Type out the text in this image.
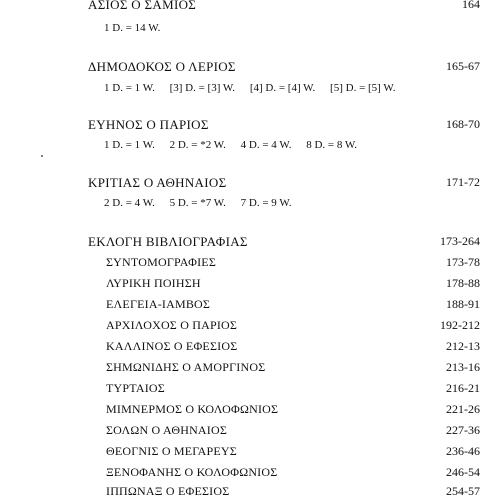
ΑΣΙΟΣ Ο ΣΑΜΙΟΣ	164
1 D. = 14 W.
ΔΗΜΟΔΟΚΟΣ Ο ΛΕΡΙΟΣ	165-67
1 D. = 1 W. [3] D. = [3] W. [4] D. = [4] W. [5] D. = [5] W.
ΕΥΗΝΟΣ Ο ΠΑΡΙΟΣ	168-70
1 D. = 1 W. 2 D. = *2 W. 4 D. = 4 W. 8 D. = 8 W.
ΚΡΙΤΙΑΣ Ο ΑΘΗΝΑΙΟΣ	171-72
2 D. = 4 W. 5 D. = *7 W. 7 D. = 9 W.
ΕΚΛΟΓΗ ΒΙΒΛΙΟΓΡΑΦΙΑΣ	173-264
ΣΥΝΤΟΜΟΓΡΑΦΙΕΣ	173-78
ΛΥΡΙΚΗ ΠΟΙΗΣΗ	178-88
ΕΛΕΓΕΙΑ-ΙΑΜΒΟΣ	188-91
ΑΡΧΙΛΟΧΟΣ Ο ΠΑΡΙΟΣ	192-212
ΚΑΛΛΙΝΟΣ Ο ΕΦΕΣΙΟΣ	212-13
ΣΗΜΩΝΙΔΗΣ Ο ΑΜΟΡΓΙΝΟΣ	213-16
ΤΥΡΤΑΙΟΣ	216-21
ΜΙΜΝΕΡΜΟΣ Ο ΚΟΛΟΦΩΝΙΟΣ	221-26
ΣΟΛΩΝ Ο ΑΘΗΝΑΙΟΣ	227-36
ΘΕΟΓΝΙΣ Ο ΜΕΓΑΡΕΥΣ	236-46
ΞΕΝΟΦΑΝΗΣ Ο ΚΟΛΟΦΩΝΙΟΣ	246-54
ΙΠΠΩΝΑΞ Ο ΕΦΕΣΙΟΣ	254-57
